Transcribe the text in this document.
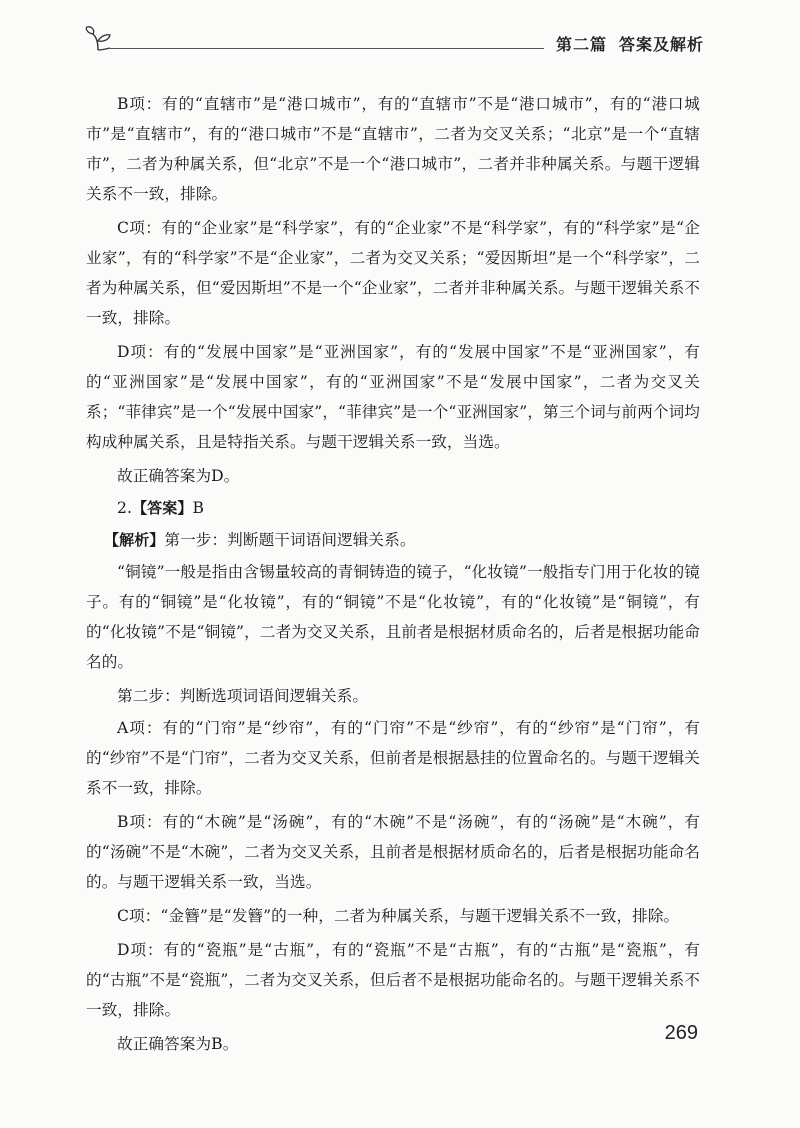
第二篇 答案及解析

B项：有的“直辖市”是“港口城市”，有的“直辖市”不是“港口城市”，有的“港口城市”是“直辖市”，有的“港口城市”不是“直辖市”，二者为交叉关系；“北京”是一个“直辖市”，二者为种属关系，但“北京”不是一个“港口城市”，二者并非种属关系。与题干逻辑关系不一致，排除。

C项：有的“企业家”是“科学家”，有的“企业家”不是“科学家”，有的“科学家”是“企业家”，有的“科学家”不是“企业家”，二者为交叉关系；“爱因斯坦”是一个“科学家”，二者为种属关系，但“爱因斯坦”不是一个“企业家”，二者并非种属关系。与题干逻辑关系不一致，排除。

D项：有的“发展中国家”是“亚洲国家”，有的“发展中国家”不是“亚洲国家”，有的“亚洲国家”是“发展中国家”，有的“亚洲国家”不是“发展中国家”，二者为交叉关系；“菲律宾”是一个“发展中国家”，“菲律宾”是一个“亚洲国家”，第三个词与前两个词均构成种属关系，且是特指关系。与题干逻辑关系一致，当选。

故正确答案为D。

2.【答案】B

【解析】第一步：判断题干词语间逻辑关系。

“铜镜”一般是指由含锡量较高的青铜铸造的镜子，“化妆镜”一般指专门用于化妆的镜子。有的“铜镜”是“化妆镜”，有的“铜镜”不是“化妆镜”，有的“化妆镜”是“铜镜”，有的“化妆镜”不是“铜镜”，二者为交叉关系，且前者是根据材质命名的，后者是根据功能命名的。

第二步：判断选项词语间逻辑关系。

A项：有的“门帘”是“纱帘”，有的“门帘”不是“纱帘”，有的“纱帘”是“门帘”，有的“纱帘”不是“门帘”，二者为交叉关系，但前者是根据悬挂的位置命名的。与题干逻辑关系不一致，排除。

B项：有的“木碗”是“汤碗”，有的“木碗”不是“汤碗”，有的“汤碗”是“木碗”，有的“汤碗”不是“木碗”，二者为交叉关系，且前者是根据材质命名的，后者是根据功能命名的。与题干逻辑关系一致，当选。

C项：“金簪”是“发簪”的一种，二者为种属关系，与题干逻辑关系不一致，排除。

D项：有的“瓷瓶”是“古瓶”，有的“瓷瓶”不是“古瓶”，有的“古瓶”是“瓷瓶”，有的“古瓶”不是“瓷瓶”，二者为交叉关系，但后者不是根据功能命名的。与题干逻辑关系不一致，排除。

故正确答案为B。	269
